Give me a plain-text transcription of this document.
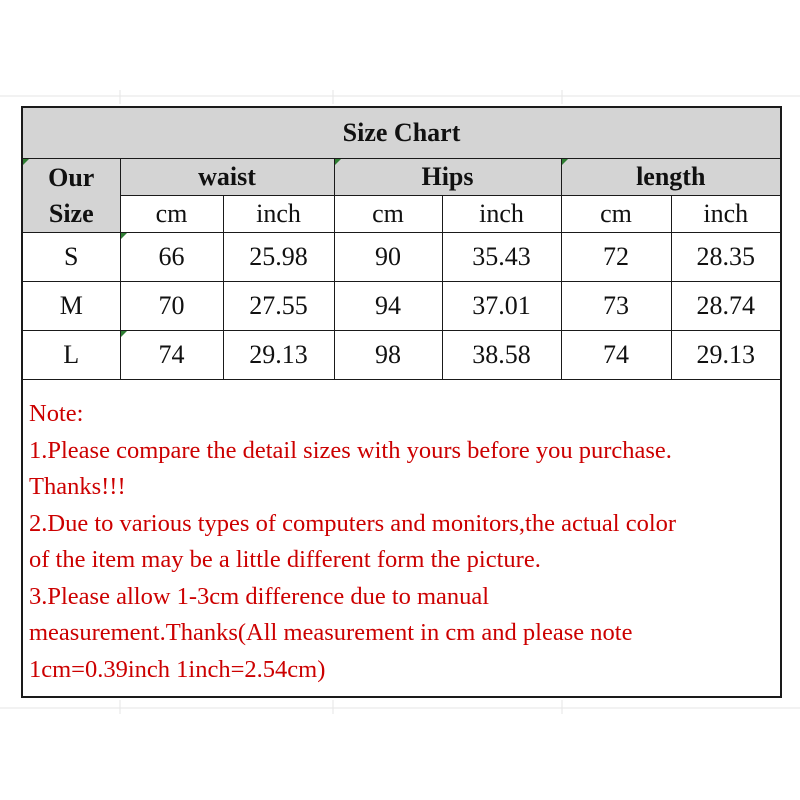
Size Chart						

Our
Size	waist		Hips		length	
	cm	inch	cm	inch	cm	inch
S	66	25.98	90	35.43	72	28.35
M	70	27.55	94	37.01	73	28.74
L	74	29.13	98	38.58	74	29.13
Note:
1.Please compare the detail sizes with yours before you purchase.
Thanks!!!
2.Due to various types of computers and monitors,the actual color
of the item may be a little different form the picture.
3.Please allow 1-3cm difference due to manual
measurement.Thanks(All measurement in cm and please note
1cm=0.39inch 1inch=2.54cm)
